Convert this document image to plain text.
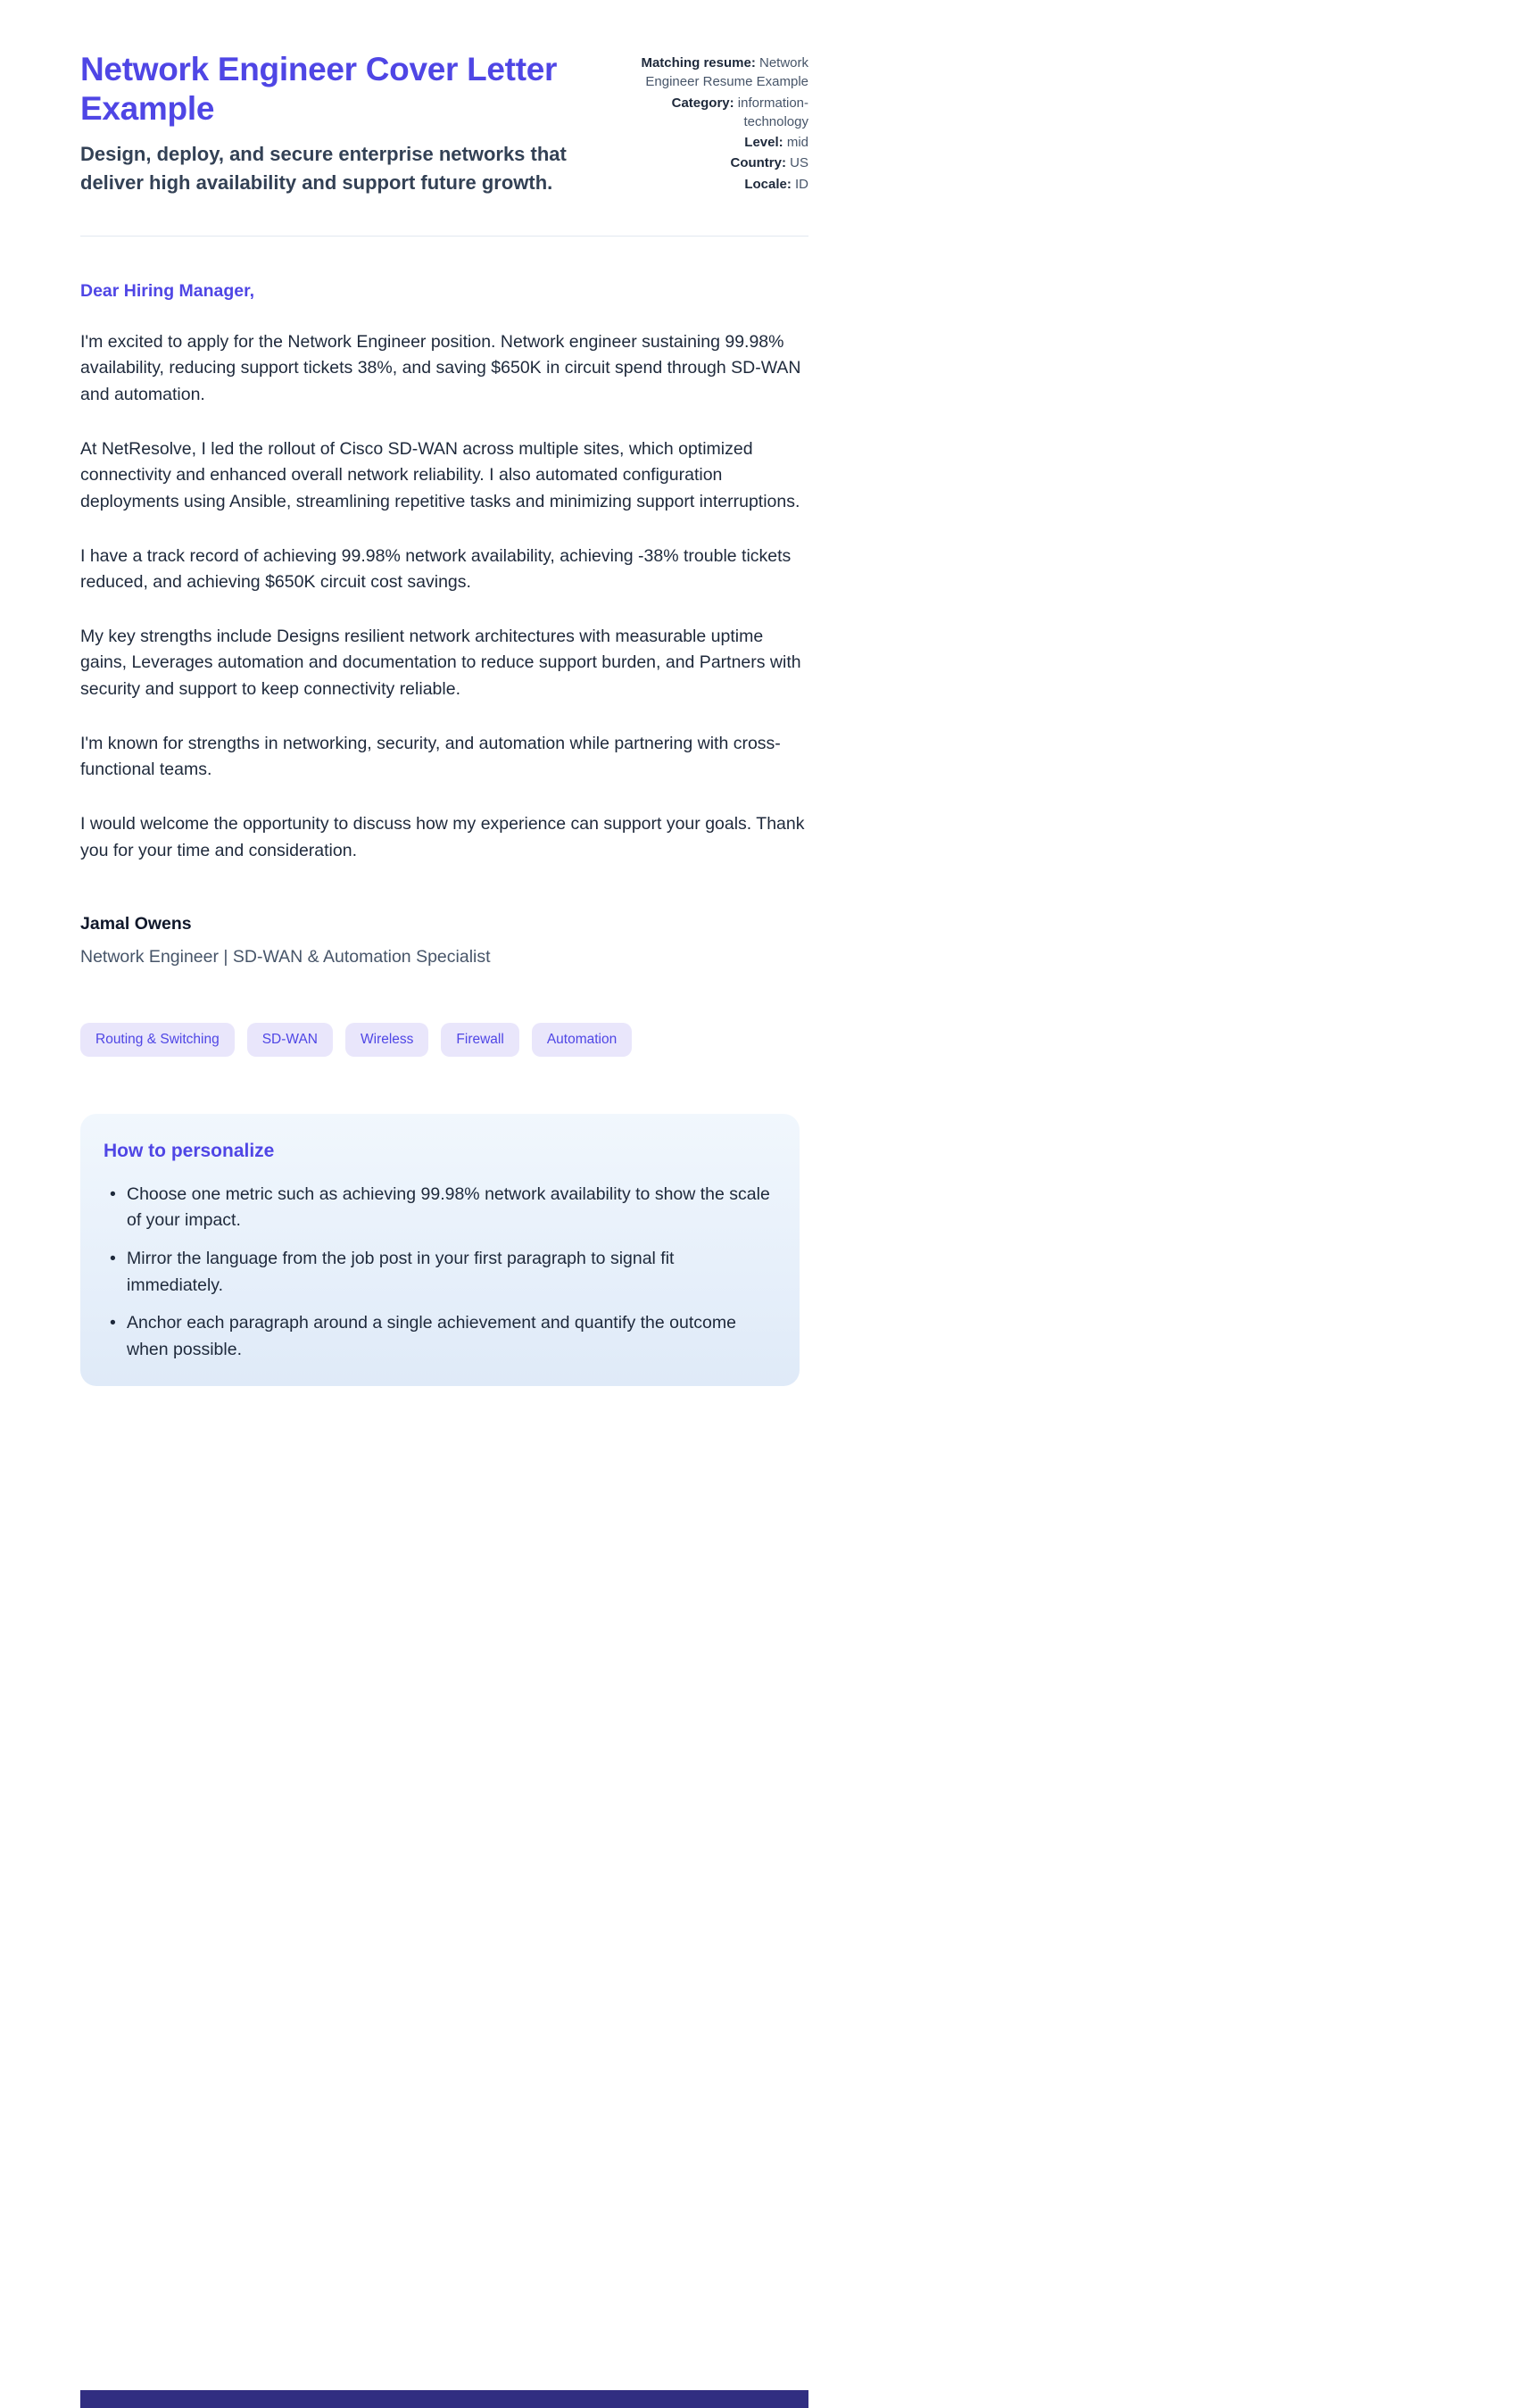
Network Engineer Cover Letter Example

Design, deploy, and secure enterprise networks that deliver high availability and support future growth.

Matching resume: Network Engineer Resume Example
Category: information-technology
Level: mid
Country: US
Locale: ID

Dear Hiring Manager,

I'm excited to apply for the Network Engineer position. Network engineer sustaining 99.98% availability, reducing support tickets 38%, and saving $650K in circuit spend through SD-WAN and automation.

At NetResolve, I led the rollout of Cisco SD-WAN across multiple sites, which optimized connectivity and enhanced overall network reliability. I also automated configuration deployments using Ansible, streamlining repetitive tasks and minimizing support interruptions.

I have a track record of achieving 99.98% network availability, achieving -38% trouble tickets reduced, and achieving $650K circuit cost savings.

My key strengths include Designs resilient network architectures with measurable uptime gains, Leverages automation and documentation to reduce support burden, and Partners with security and support to keep connectivity reliable.

I'm known for strengths in networking, security, and automation while partnering with cross-functional teams.

I would welcome the opportunity to discuss how my experience can support your goals. Thank you for your time and consideration.

Jamal Owens

Network Engineer | SD-WAN & Automation Specialist

Routing & Switching	SD-WAN	Wireless	Firewall	Automation
How to personalize
• Choose one metric such as achieving 99.98% network availability to show the scale of your impact.
• Mirror the language from the job post in your first paragraph to signal fit immediately.
• Anchor each paragraph around a single achievement and quantify the outcome when possible.
